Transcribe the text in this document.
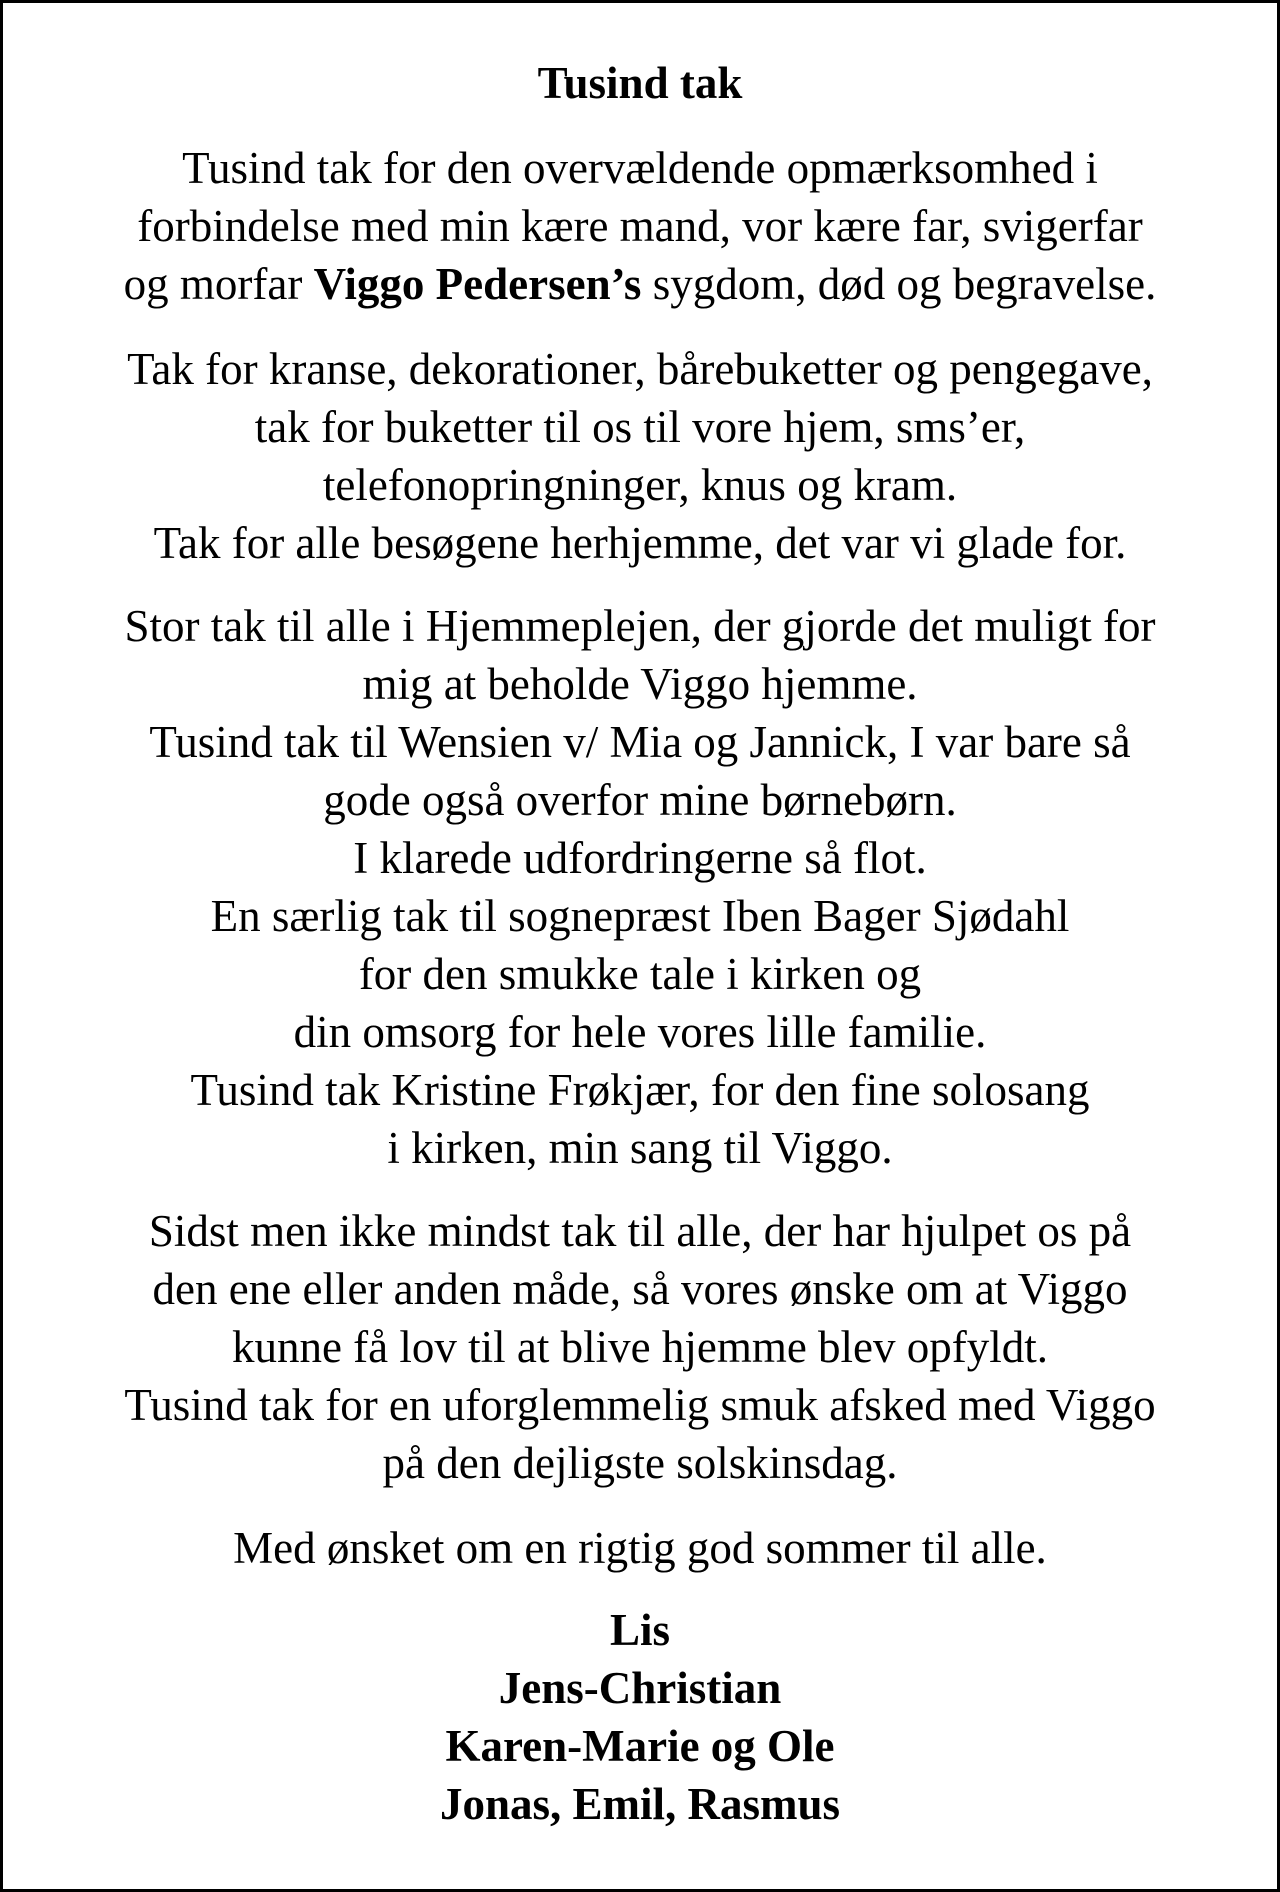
Tusind tak

Tusind tak for den overvældende opmærksomhed i
forbindelse med min kære mand, vor kære far, svigerfar
og morfar Viggo Pedersen’s sygdom, død og begravelse.

Tak for kranse, dekorationer, bårebuketter og pengegave,
tak for buketter til os til vore hjem, sms’er,
telefonopringninger, knus og kram.
Tak for alle besøgene herhjemme, det var vi glade for.

Stor tak til alle i Hjemmeplejen, der gjorde det muligt for
mig at beholde Viggo hjemme.
Tusind tak til Wensien v/ Mia og Jannick, I var bare så
gode også overfor mine børnebørn.
I klarede udfordringerne så flot.
En særlig tak til sognepræst Iben Bager Sjødahl
for den smukke tale i kirken og
din omsorg for hele vores lille familie.
Tusind tak Kristine Frøkjær, for den fine solosang
i kirken, min sang til Viggo.

Sidst men ikke mindst tak til alle, der har hjulpet os på
den ene eller anden måde, så vores ønske om at Viggo
kunne få lov til at blive hjemme blev opfyldt.
Tusind tak for en uforglemmelig smuk afsked med Viggo
på den dejligste solskinsdag.

Med ønsket om en rigtig god sommer til alle.

Lis
Jens-Christian
Karen-Marie og Ole
Jonas, Emil, Rasmus
